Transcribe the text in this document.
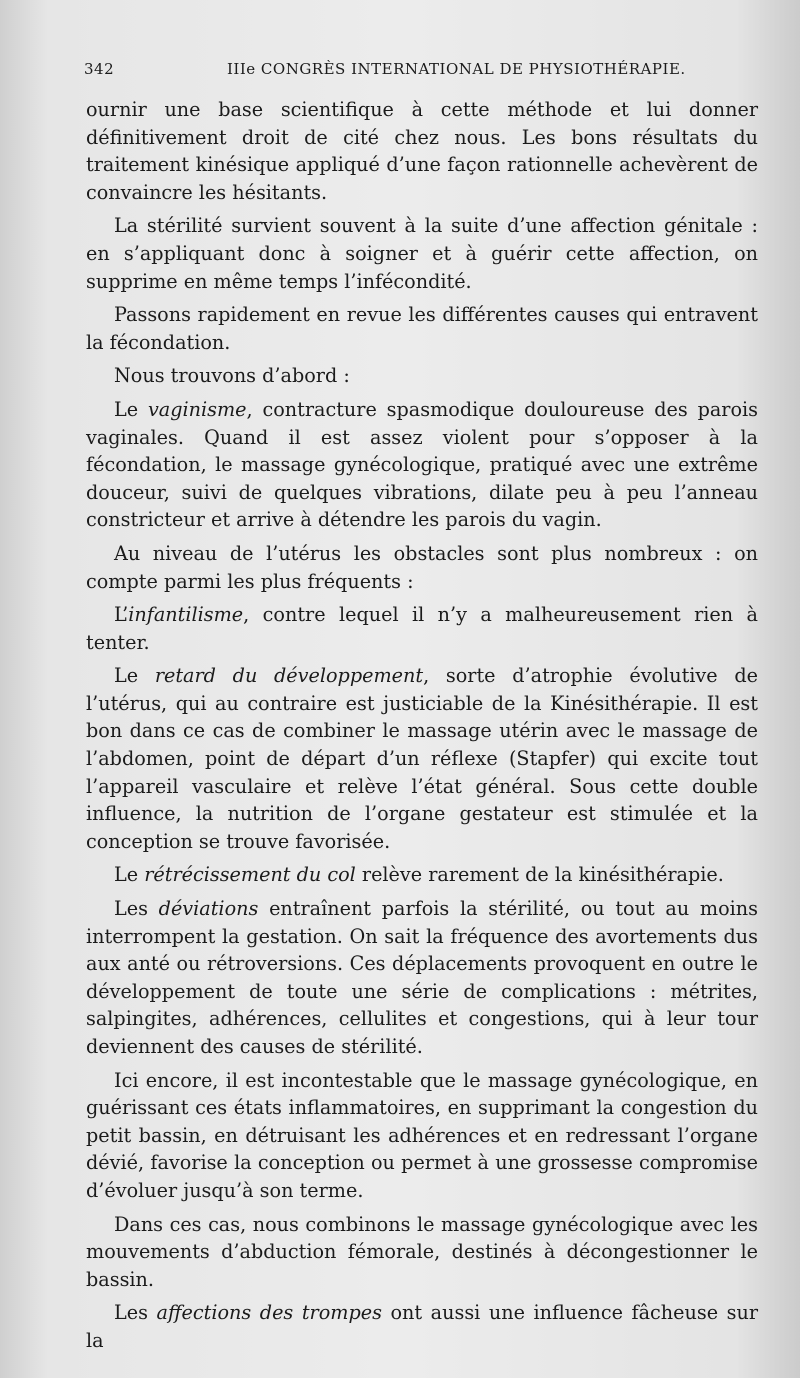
342	IIIe CONGRÈS INTERNATIONAL DE PHYSIOTHÉRAPIE.

ournir une base scientifique à cette méthode et lui donner définitivement droit de cité chez nous. Les bons résultats du traitement kinésique appliqué d’une façon rationnelle achevèrent de convaincre les hésitants.

La stérilité survient souvent à la suite d’une affection génitale : en s’appliquant donc à soigner et à guérir cette affection, on supprime en même temps l’infécondité.

Passons rapidement en revue les différentes causes qui entravent la fécondation.

Nous trouvons d’abord :

Le vaginisme, contracture spasmodique douloureuse des parois vaginales. Quand il est assez violent pour s’opposer à la fécondation, le massage gynécologique, pratiqué avec une extrême douceur, suivi de quelques vibrations, dilate peu à peu l’anneau constricteur et arrive à détendre les parois du vagin.

Au niveau de l’utérus les obstacles sont plus nombreux : on compte parmi les plus fréquents :

L’infantilisme, contre lequel il n’y a malheureusement rien à tenter.

Le retard du développement, sorte d’atrophie évolutive de l’utérus, qui au contraire est justiciable de la Kinésithérapie. Il est bon dans ce cas de combiner le massage utérin avec le massage de l’abdomen, point de départ d’un réflexe (Stapfer) qui excite tout l’appareil vasculaire et relève l’état général. Sous cette double influence, la nutrition de l’organe gestateur est stimulée et la conception se trouve favorisée.

Le rétrécissement du col relève rarement de la kinésithérapie.

Les déviations entraînent parfois la stérilité, ou tout au moins interrompent la gestation. On sait la fréquence des avortements dus aux anté ou rétroversions. Ces déplacements provoquent en outre le développement de toute une série de complications : métrites, salpingites, adhérences, cellulites et congestions, qui à leur tour deviennent des causes de stérilité.

Ici encore, il est incontestable que le massage gynécologique, en guérissant ces états inflammatoires, en supprimant la congestion du petit bassin, en détruisant les adhérences et en redressant l’organe dévié, favorise la conception ou permet à une grossesse compromise d’évoluer jusqu’à son terme.

Dans ces cas, nous combinons le massage gynécologique avec les mouvements d’abduction fémorale, destinés à décongestionner le bassin.

Les affections des trompes ont aussi une influence fâcheuse sur la
